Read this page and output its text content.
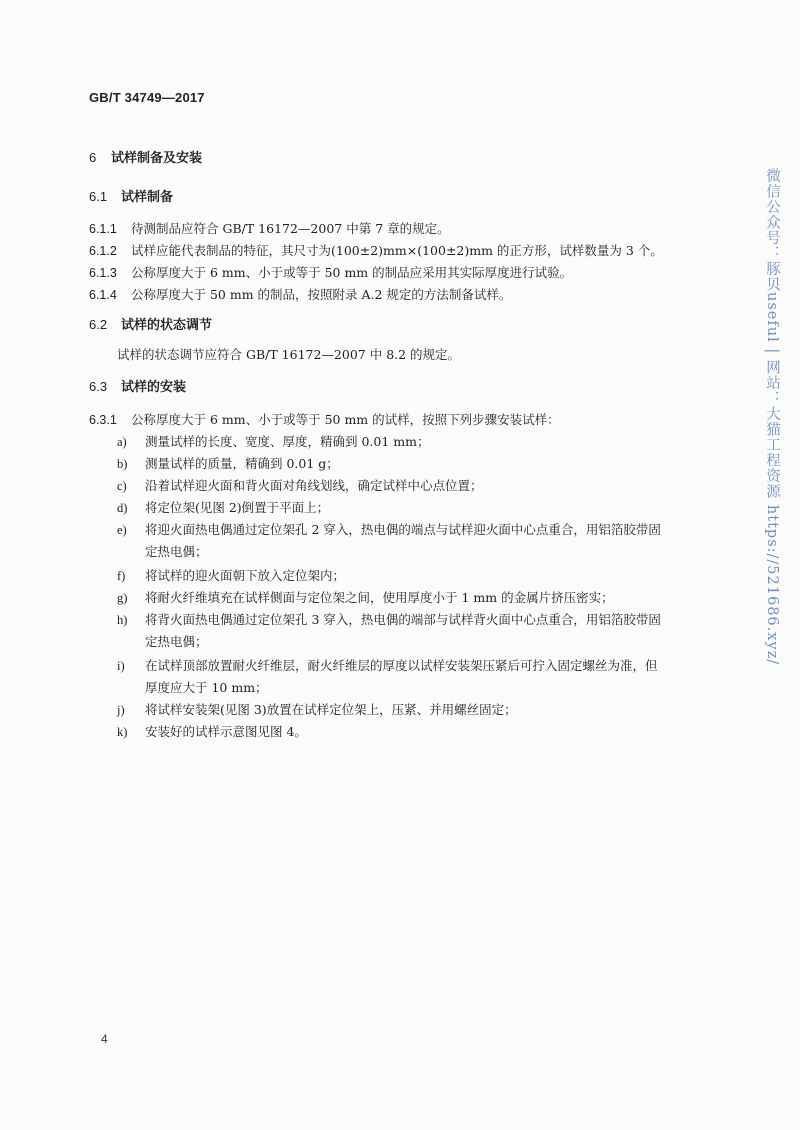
GB/T 34749—2017
6 试样制备及安装
6.1 试样制备
6.1.1 待测制品应符合 GB/T 16172—2007 中第 7 章的规定。
6.1.2 试样应能代表制品的特征，其尺寸为(100±2)mm×(100±2)mm 的正方形，试样数量为 3 个。
6.1.3 公称厚度大于 6 mm、小于或等于 50 mm 的制品应采用其实际厚度进行试验。
6.1.4 公称厚度大于 50 mm 的制品，按照附录 A.2 规定的方法制备试样。
6.2 试样的状态调节
试样的状态调节应符合 GB/T 16172—2007 中 8.2 的规定。
6.3 试样的安装
6.3.1 公称厚度大于 6 mm、小于或等于 50 mm 的试样，按照下列步骤安装试样：
a) 测量试样的长度、宽度、厚度，精确到 0.01 mm；
b) 测量试样的质量，精确到 0.01 g；
c) 沿着试样迎火面和背火面对角线划线，确定试样中心点位置；
d) 将定位架(见图 2)倒置于平面上；
e) 将迎火面热电偶通过定位架孔 2 穿入，热电偶的端点与试样迎火面中心点重合，用铝箔胶带固
定热电偶；
f) 将试样的迎火面朝下放入定位架内；
g) 将耐火纤维填充在试样侧面与定位架之间，使用厚度小于 1 mm 的金属片挤压密实；
h) 将背火面热电偶通过定位架孔 3 穿入，热电偶的端部与试样背火面中心点重合，用铝箔胶带固
定热电偶；
i) 在试样顶部放置耐火纤维层，耐火纤维层的厚度以试样安装架压紧后可拧入固定螺丝为准，但
厚度应大于 10 mm；
j) 将试样安装架(见图 3)放置在试样定位架上，压紧、并用螺丝固定；
k) 安装好的试样示意图见图 4。
4
微信公众号：豚贝useful | 网站：大猫工程资源 https://521686.xyz/
